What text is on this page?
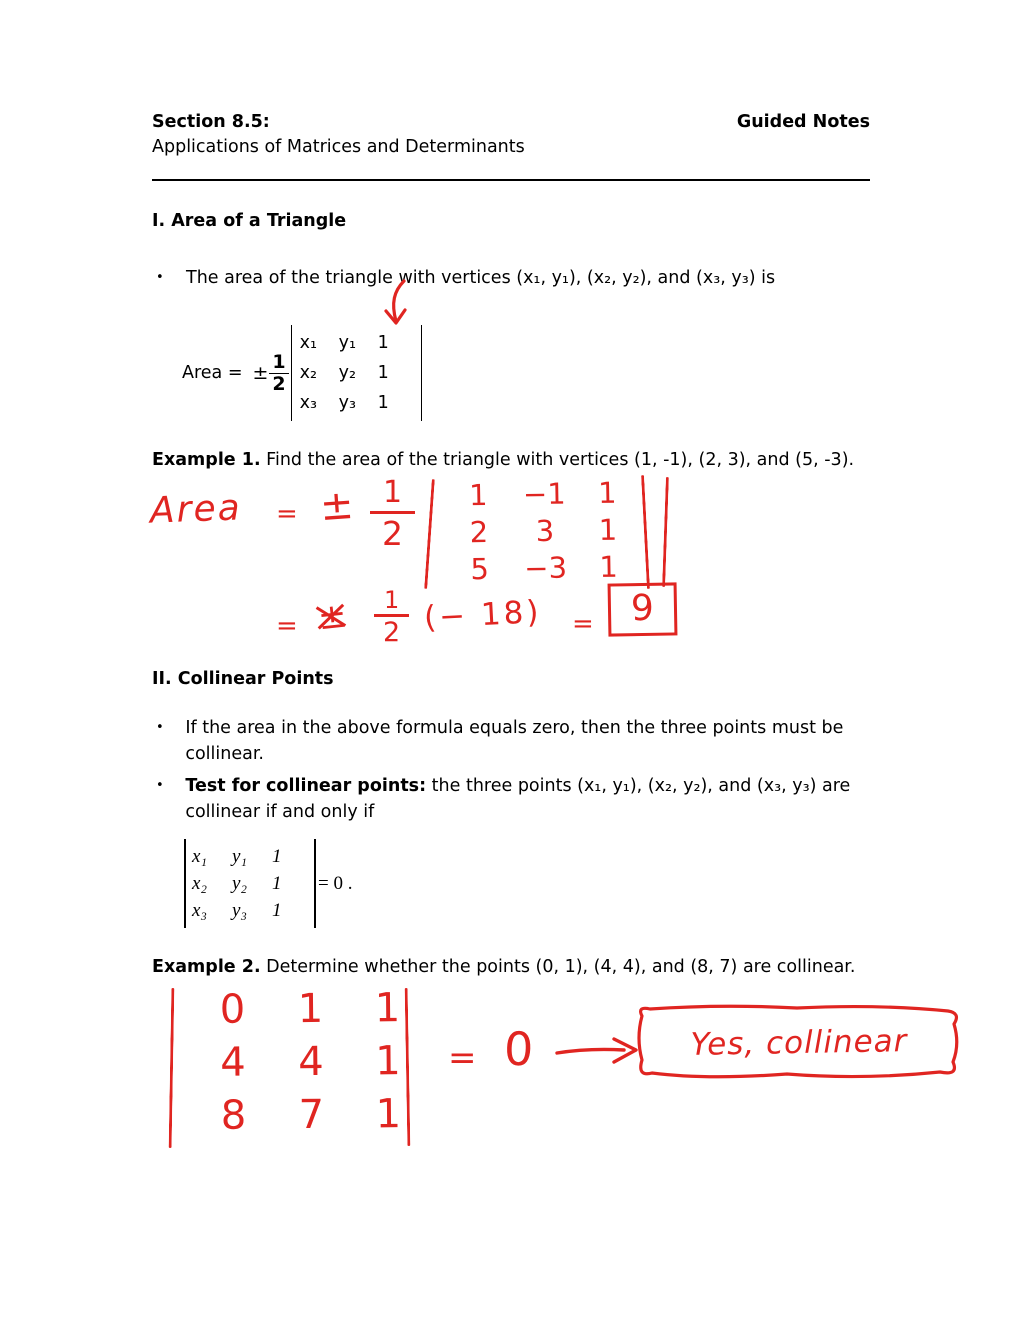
Section 8.5:	Guided Notes
Applications of Matrices and Determinants
I. Area of a Triangle
•	The area of the triangle with vertices (x₁, y₁), (x₂, y₂), and (x₃, y₃) is
Area = ± $\frac{1}{2}$
x₁	y₁	1
x₂	y₂	1
x₃	y₃	1

Example 1. Find the area of the triangle with vertices (1, -1), (2, 3), and (5, -3).

Area = ± $\frac{1}{2}$	1	−1	1
2	3	1
5	−3	1
= ± $\frac{1}{2}$ (− 18) =	9
II. Collinear Points
•	If the area in the above formula equals zero, then the three points must be collinear.
•	Test for collinear points: the three points (x₁, y₁), (x₂, y₂), and (x₃, y₃) are collinear if and only if
x₁	y₁	1
x₂	y₂	1
x₃	y₃	1
= 0 .

Example 2. Determine whether the points (0, 1), (4, 4), and (8, 7) are collinear.

0	1	1
4	4	1
8	7	1
= 0	Yes, collinear
